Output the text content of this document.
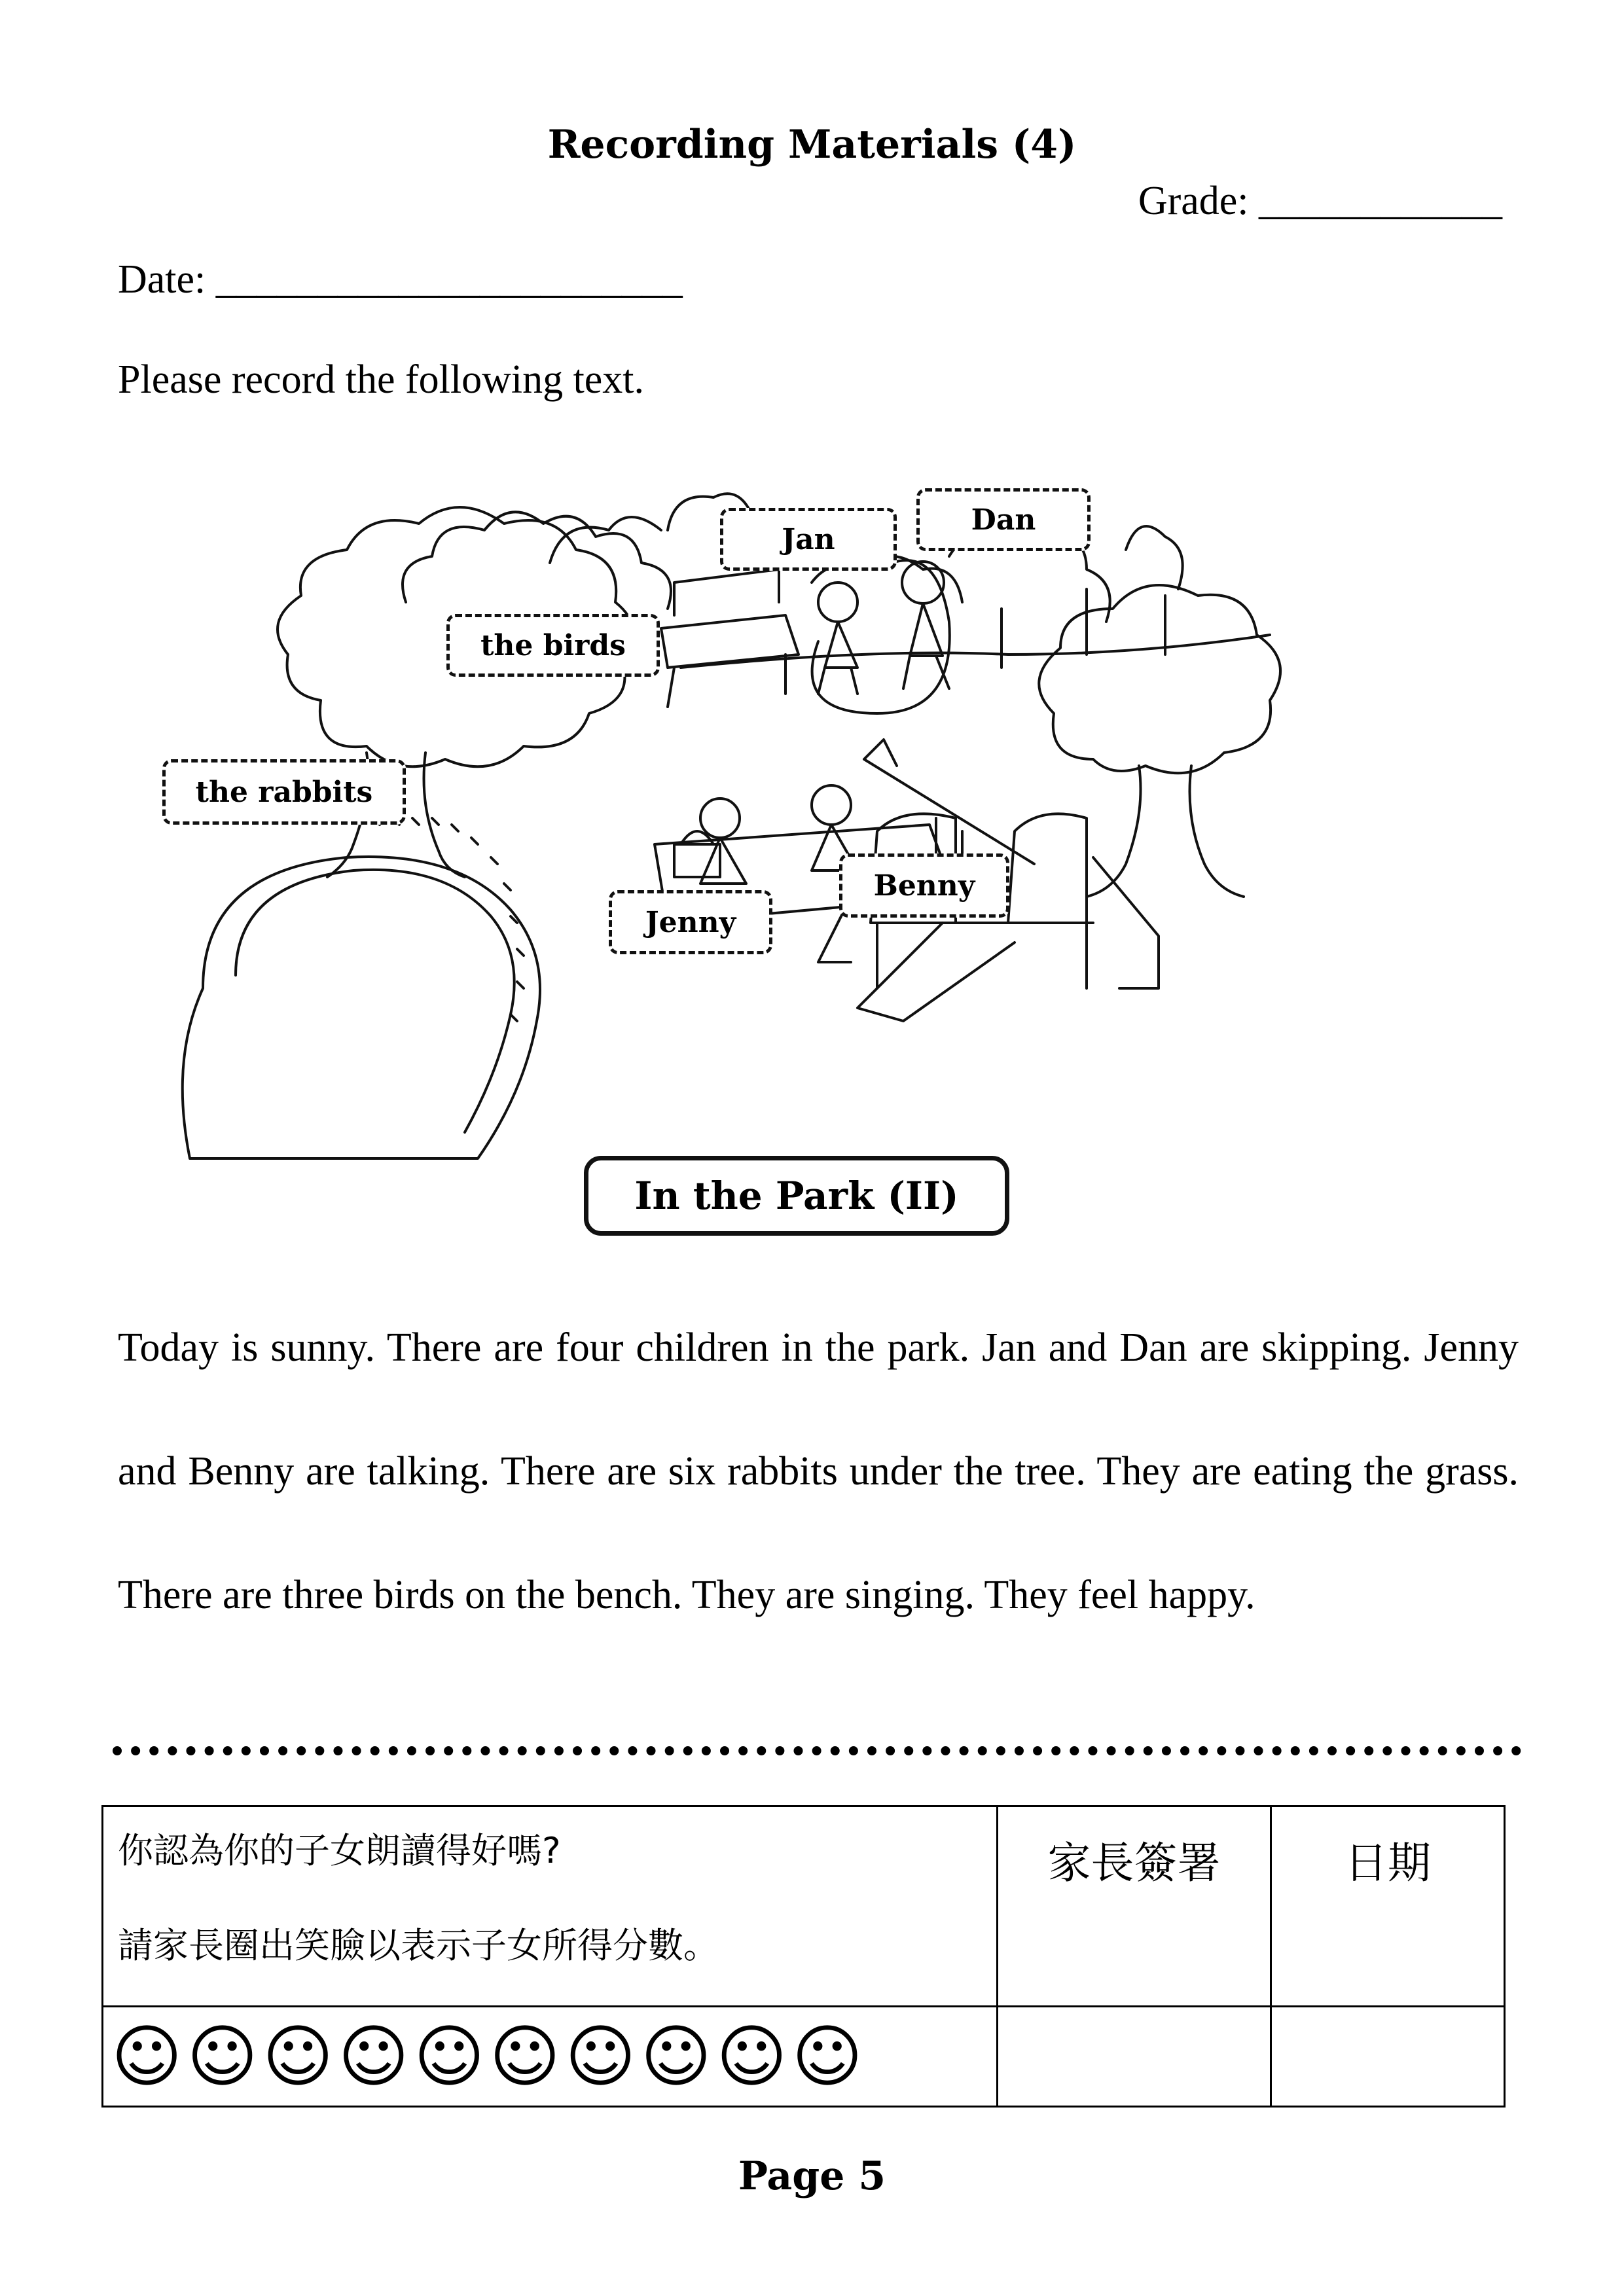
Recording Materials (4)
Grade: ____________
Date: _______________________
Please record the following text.
Jan
Dan
the birds
the rabbits
Jenny
Benny
In the Park (II)
Today is sunny. There are four children in the park. Jan and Dan are skipping. Jenny and Benny are talking. There are six rabbits under the tree. They are eating the grass. There are three birds on the bench. They are singing. They feel happy.
你認為你的子女朗讀得好嗎?
請家長圈出笑臉以表示子女所得分數。	家長簽署	日期
☺ ☺ ☺ ☺ ☺ ☺ ☺ ☺ ☺ ☺		
Page 5
